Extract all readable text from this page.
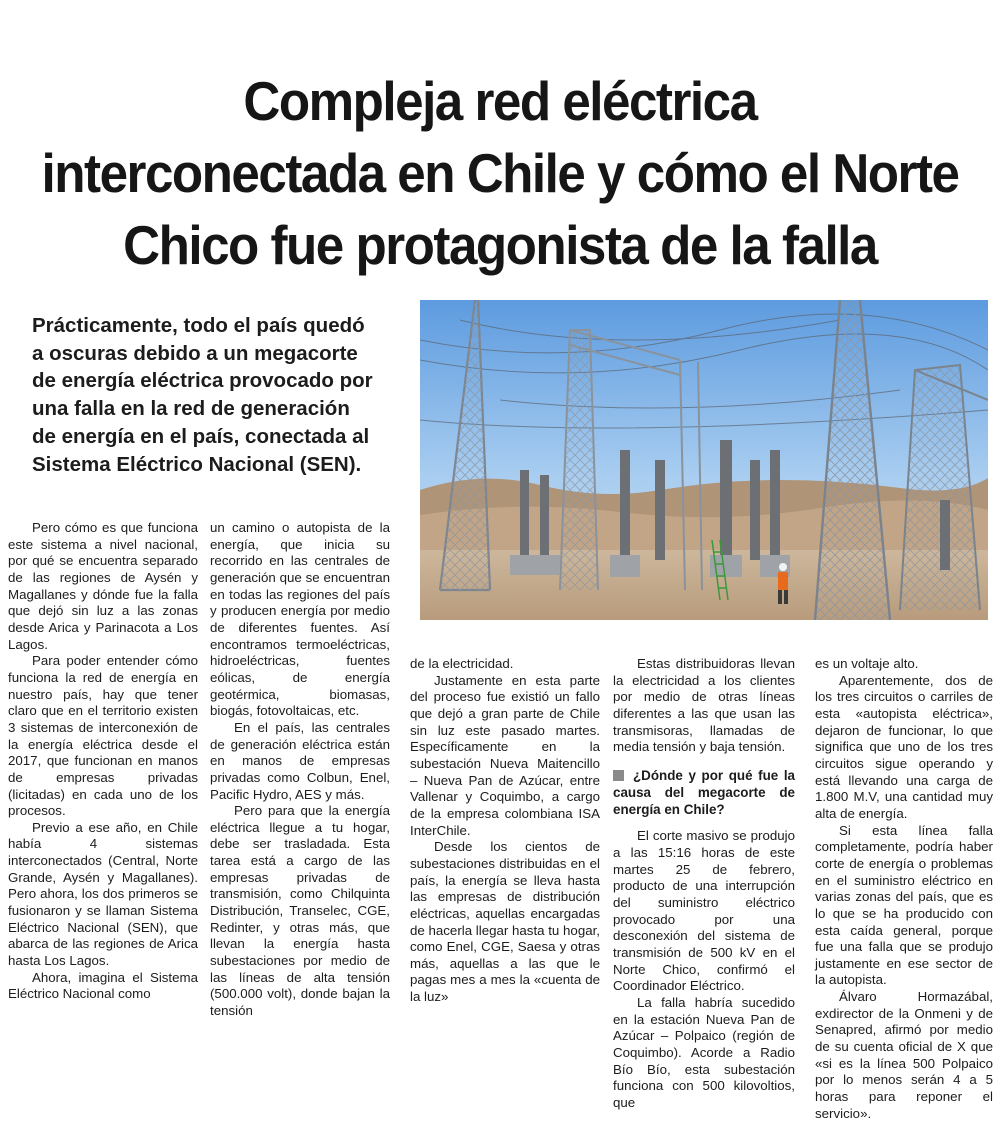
Compleja red eléctrica
interconectada en Chile y cómo el Norte
Chico fue protagonista de la falla
Prácticamente, todo el país quedó
a oscuras debido a un megacorte
de energía eléctrica provocado por
una falla en la red de generación
de energía en el país, conectada al
Sistema Eléctrico Nacional (SEN).

Pero cómo es que funciona este sistema a nivel nacional, por qué se encuentra separado de las regiones de Aysén y Magallanes y dónde fue la falla que dejó sin luz a las zonas desde Arica y Parinacota a Los Lagos.

Para poder entender cómo funciona la red de energía en nuestro país, hay que tener claro que en el territorio existen 3 sistemas de interconexión de la energía eléctrica desde el 2017, que funcionan en manos de empresas privadas (licitadas) en cada uno de los procesos.

Previo a ese año, en Chile había 4 sistemas interconectados (Central, Norte Grande, Aysén y Magallanes). Pero ahora, los dos primeros se fusionaron y se llaman Sistema Eléctrico Nacional (SEN), que abarca de las regiones de Arica hasta Los Lagos.

Ahora, imagina el Sistema Eléctrico Nacional como

un camino o autopista de la energía, que inicia su recorrido en las centrales de generación que se encuentran en todas las regiones del país y producen energía por medio de diferentes fuentes. Así encontramos termoeléctricas, hidroeléctricas, fuentes eólicas, de energía geotérmica, biomasas, biogás, fotovoltaicas, etc.

En el país, las centrales de generación eléctrica están en manos de empresas privadas como Colbun, Enel, Pacific Hydro, AES y más.

Pero para que la energía eléctrica llegue a tu hogar, debe ser trasladada. Esta tarea está a cargo de las empresas privadas de transmisión, como Chilquinta Distribución, Transelec, CGE, Redinter, y otras más, que llevan la energía hasta subestaciones por medio de las líneas de alta tensión (500.000 volt), donde bajan la tensión

de la electricidad.

Justamente en esta parte del proceso fue existió un fallo que dejó a gran parte de Chile sin luz este pasado martes. Específicamente en la subestación Nueva Maitencillo – Nueva Pan de Azúcar, entre Vallenar y Coquimbo, a cargo de la empresa colombiana ISA InterChile.

Desde los cientos de subestaciones distribuidas en el país, la energía se lleva hasta las empresas de distribución eléctricas, aquellas encargadas de hacerla llegar hasta tu hogar, como Enel, CGE, Saesa y otras más, aquellas a las que le pagas mes a mes la «cuenta de la luz»

Estas distribuidoras llevan la electricidad a los clientes por medio de otras líneas diferentes a las que usan las transmisoras, llamadas de media tensión y baja tensión.

¿Dónde y por qué fue la causa del megacorte de energía en Chile?

El corte masivo se produjo a las 15:16 horas de este martes 25 de febrero, producto de una interrupción del suministro eléctrico provocado por una desconexión del sistema de transmisión de 500 kV en el Norte Chico, confirmó el Coordinador Eléctrico.

La falla habría sucedido en la estación Nueva Pan de Azúcar – Polpaico (región de Coquimbo). Acorde a Radio Bío Bío, esta subestación funciona con 500 kilovoltios, que

es un voltaje alto.

Aparentemente, dos de los tres circuitos o carriles de esta «autopista eléctrica», dejaron de funcionar, lo que significa que uno de los tres circuitos sigue operando y está llevando una carga de 1.800 M.V, una cantidad muy alta de energía.

Si esta línea falla completamente, podría haber corte de energía o problemas en el suministro eléctrico en varias zonas del país, que es lo que se ha producido con esta caída general, porque fue una falla que se produjo justamente en ese sector de la autopista.

Álvaro Hormazábal, exdirector de la Onmeni y de Senapred, afirmó por medio de su cuenta oficial de X que «si es la línea 500 Polpaico por lo menos serán 4 a 5 horas para reponer el servicio».
